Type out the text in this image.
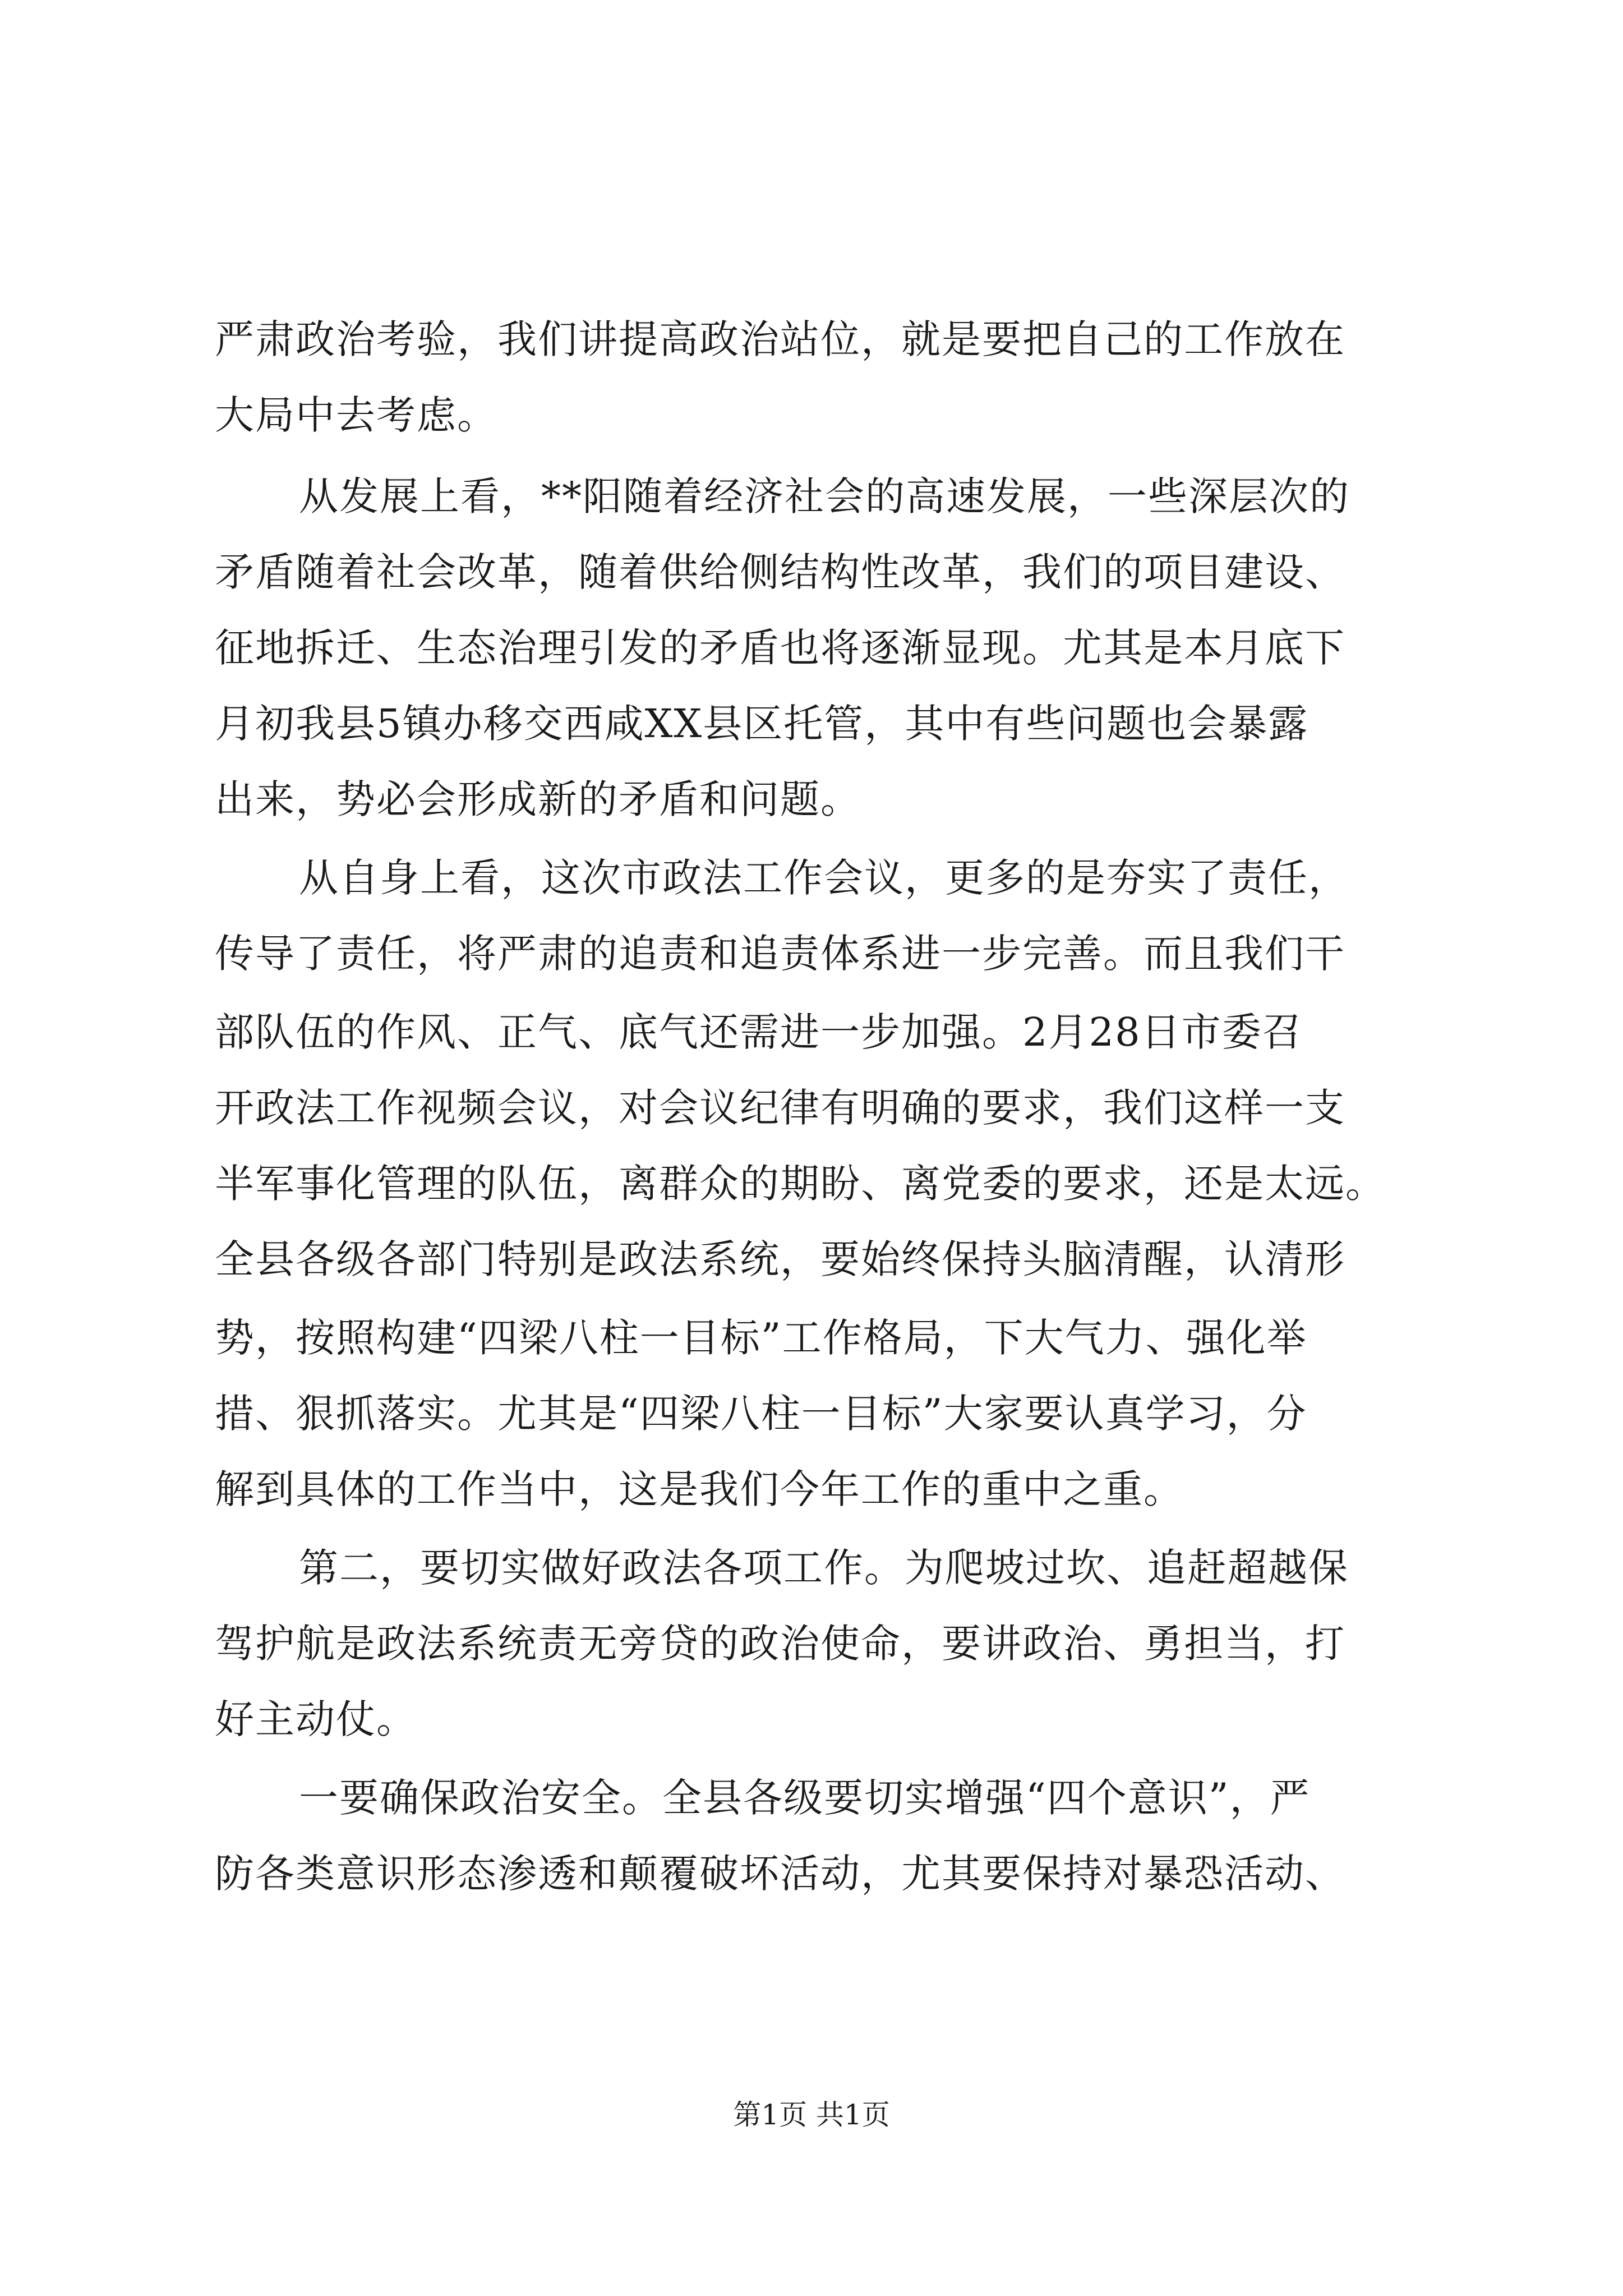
严肃政治考验，我们讲提高政治站位，就是要把自己的工作放在
大局中去考虑。
从发展上看，**阳随着经济社会的高速发展，一些深层次的
矛盾随着社会改革，随着供给侧结构性改革，我们的项目建设、
征地拆迁、生态治理引发的矛盾也将逐渐显现。尤其是本月底下
月初我县5镇办移交西咸XX县区托管，其中有些问题也会暴露
出来，势必会形成新的矛盾和问题。
从自身上看，这次市政法工作会议，更多的是夯实了责任，
传导了责任，将严肃的追责和追责体系进一步完善。而且我们干
部队伍的作风、正气、底气还需进一步加强。2月28日市委召
开政法工作视频会议，对会议纪律有明确的要求，我们这样一支
半军事化管理的队伍，离群众的期盼、离党委的要求，还是太远。
全县各级各部门特别是政法系统，要始终保持头脑清醒，认清形
势，按照构建“四梁八柱一目标”工作格局，下大气力、强化举
措、狠抓落实。尤其是“四梁八柱一目标”大家要认真学习，分
解到具体的工作当中，这是我们今年工作的重中之重。
第二，要切实做好政法各项工作。为爬坡过坎、追赶超越保
驾护航是政法系统责无旁贷的政治使命，要讲政治、勇担当，打
好主动仗。
一要确保政治安全。全县各级要切实增强“四个意识”，严
防各类意识形态渗透和颠覆破坏活动，尤其要保持对暴恐活动、
第1页 共1页
